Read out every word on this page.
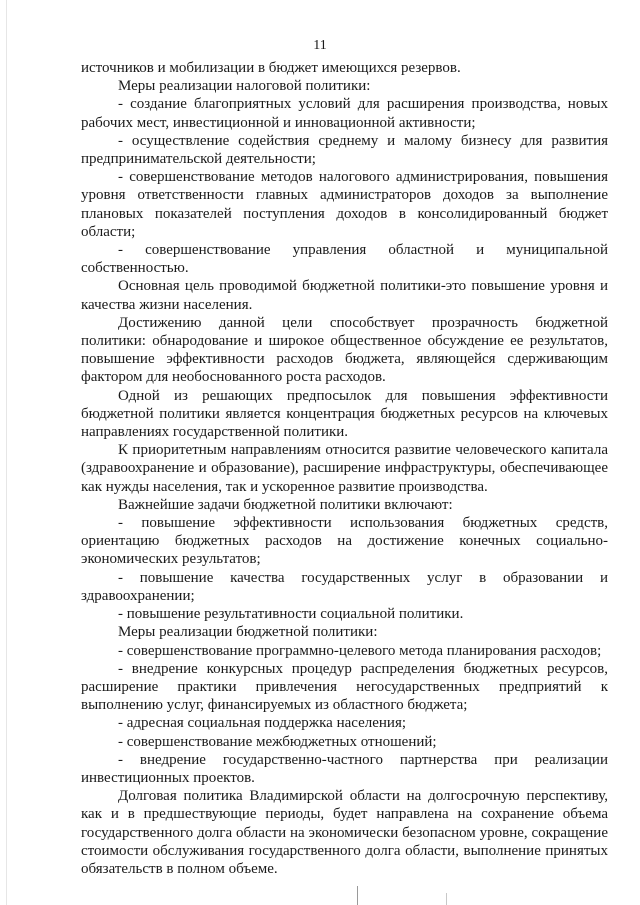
11

источников и мобилизации в бюджет имеющихся резервов.

Меры реализации налоговой политики:

- создание благоприятных условий для расширения производства, новых рабочих мест, инвестиционной и инновационной активности;

- осуществление содействия среднему и малому бизнесу для развития предпринимательской деятельности;

- совершенствование методов налогового администрирования, повышения уровня ответственности главных администраторов доходов за выполнение плановых показателей поступления доходов в консолидированный бюджет области;

- совершенствование управления областной и муниципальной собственностью.

Основная цель проводимой бюджетной политики-это повышение уровня и качества жизни населения.

Достижению данной цели способствует прозрачность бюджетной политики: обнародование и широкое общественное обсуждение ее результатов, повышение эффективности расходов бюджета, являющейся сдерживающим фактором для необоснованного роста расходов.

Одной из решающих предпосылок для повышения эффективности бюджетной политики является концентрация бюджетных ресурсов на ключевых направлениях государственной политики.

К приоритетным направлениям относится развитие человеческого капитала (здравоохранение и образование), расширение инфраструктуры, обеспечивающее как нужды населения, так и ускоренное развитие производства.

Важнейшие задачи бюджетной политики включают:

- повышение эффективности использования бюджетных средств, ориентацию бюджетных расходов на достижение конечных социально-экономических результатов;

- повышение качества государственных услуг в образовании и здравоохранении;

- повышение результативности социальной политики.

Меры реализации бюджетной политики:

- совершенствование программно-целевого метода планирования расходов;

- внедрение конкурсных процедур распределения бюджетных ресурсов, расширение практики привлечения негосударственных предприятий к выполнению услуг, финансируемых из областного бюджета;

- адресная социальная поддержка населения;

- совершенствование межбюджетных отношений;

- внедрение государственно-частного партнерства при реализации инвестиционных проектов.

Долговая политика Владимирской области на долгосрочную перспективу, как и в предшествующие периоды, будет направлена на сохранение объема государственного долга области на экономически безопасном уровне, сокращение стоимости обслуживания государственного долга области, выполнение принятых обязательств в полном объеме.
